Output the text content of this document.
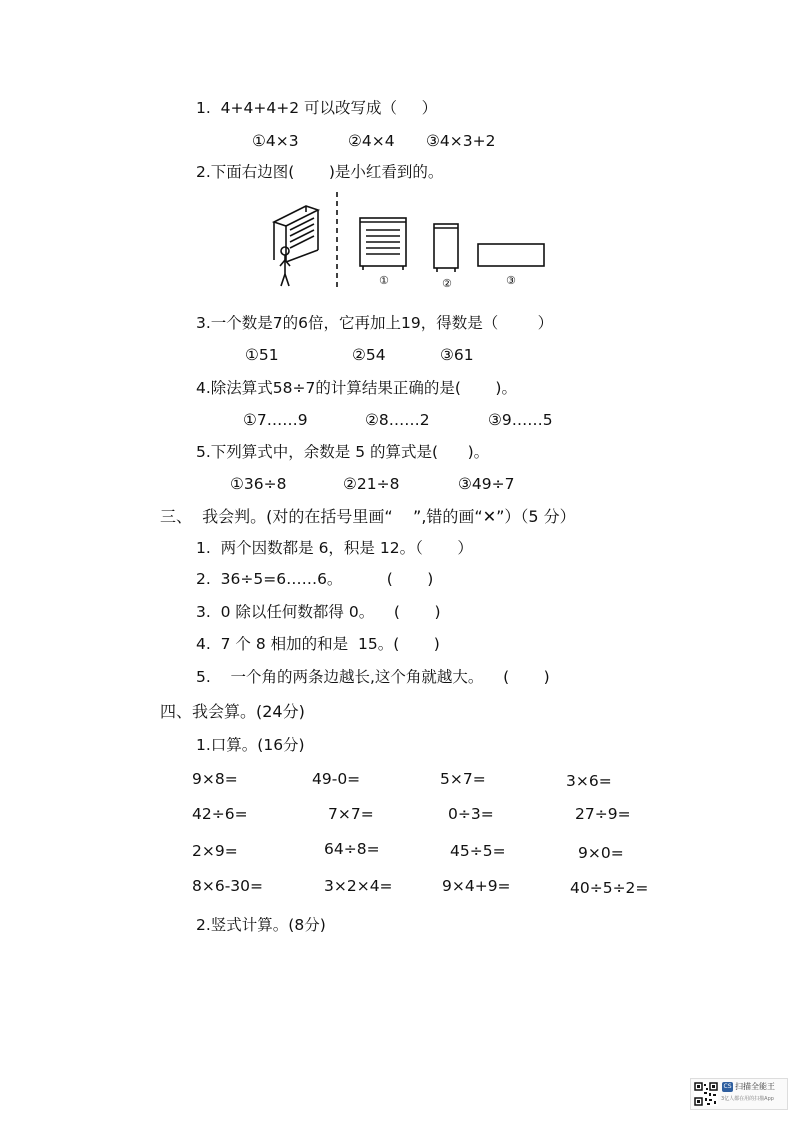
1.  4+4+4+2 可以改写成（     ）
①4×3	②4×4 ③4×3+2
2.下面右边图(       )是小红看到的。
①	②	③
3.一个数是7的6倍，它再加上19，得数是（        ）
①51	②54	③61
4.除法算式58÷7的计算结果正确的是(       )。
①7……9	②8……2	③9……5
5.下列算式中，余数是 5 的算式是(      )。
①36÷8	②21÷8	③49÷7
三、  我会判。(对的在括号里画“    ”,错的画“✕”）（5 分）
1.  两个因数都是 6，积是 12。（       ）
2.  36÷5=6……6。         (       )
3.  0 除以任何数都得 0。    (       )
4.  7 个 8 相加的和是  15。(       )
5.    一个角的两条边越长,这个角就越大。    (       )
四、我会算。(24分)
1.口算。(16分)
9×8=	49-0=	5×7=	3×6=
42÷6=	7×7=	0÷3=	27÷9=
2×9=	64÷8=	45÷5=	9×0=
8×6-30=	3×2×4=	9×4+9=	40÷5÷2=
2.竖式计算。(8分)
CS 扫描全能王
3亿人都在用的扫描App
